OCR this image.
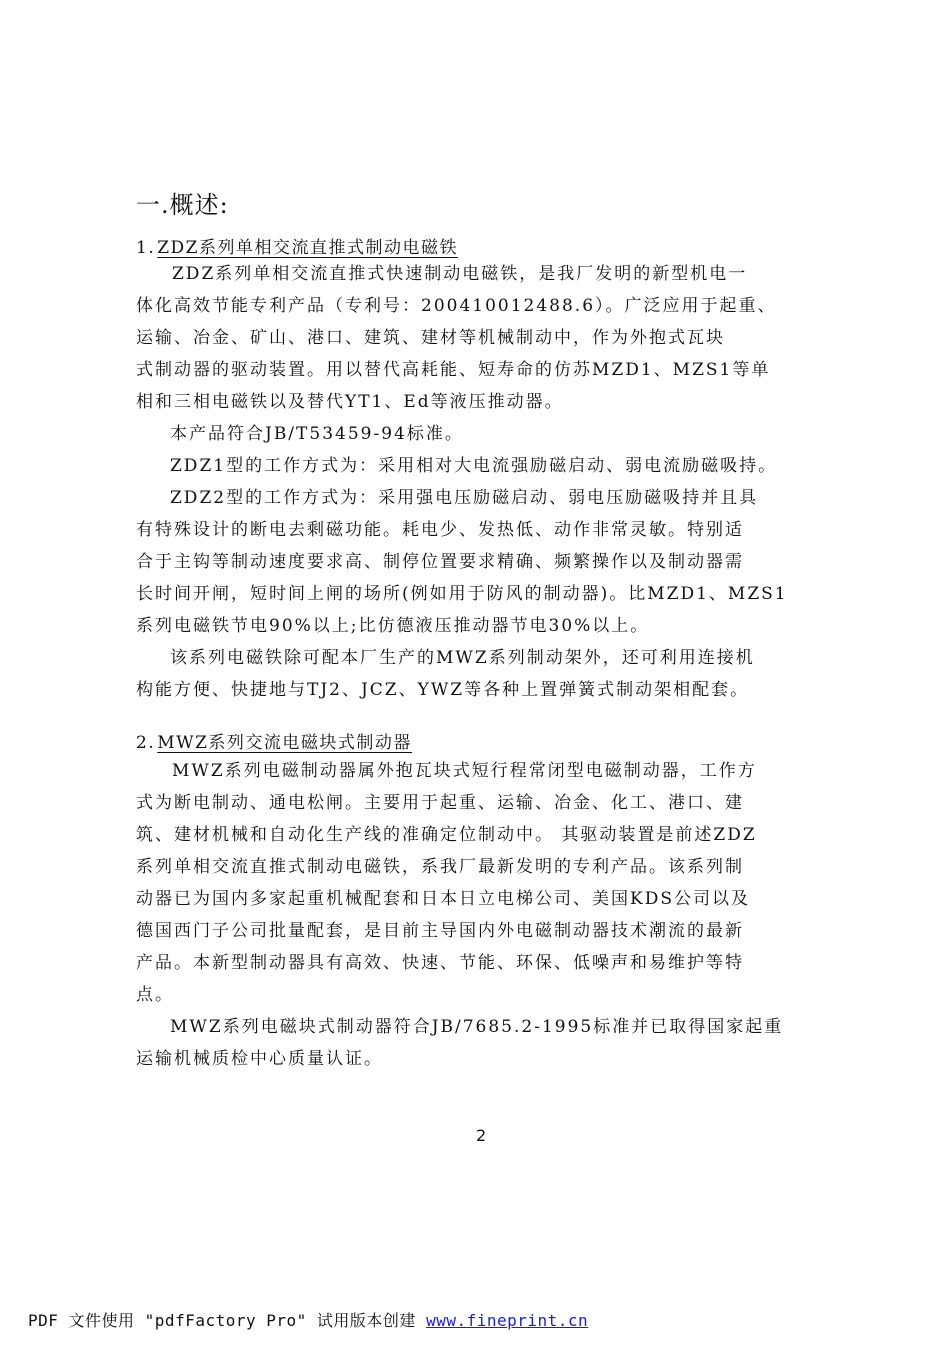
一.概述:
1. ZDZ系列单相交流直推式制动电磁铁
ZDZ系列单相交流直推式快速制动电磁铁，是我厂发明的新型机电一
体化高效节能专利产品（专利号：200410012488.6）。广泛应用于起重、
运输、冶金、矿山、港口、建筑、建材等机械制动中，作为外抱式瓦块
式制动器的驱动装置。用以替代高耗能、短寿命的仿苏MZD1、MZS1等单
相和三相电磁铁以及替代YT1、Ed等液压推动器。
本产品符合JB/T53459-94标准。
ZDZ1型的工作方式为：采用相对大电流强励磁启动、弱电流励磁吸持。
ZDZ2型的工作方式为：采用强电压励磁启动、弱电压励磁吸持并且具
有特殊设计的断电去剩磁功能。耗电少、发热低、动作非常灵敏。特别适
合于主钩等制动速度要求高、制停位置要求精确、频繁操作以及制动器需
长时间开闸，短时间上闸的场所(例如用于防风的制动器)。比MZD1、MZS1
系列电磁铁节电90%以上;比仿德液压推动器节电30%以上。
该系列电磁铁除可配本厂生产的MWZ系列制动架外，还可利用连接机
构能方便、快捷地与TJ2、JCZ、YWZ等各种上置弹簧式制动架相配套。
2. MWZ系列交流电磁块式制动器
MWZ系列电磁制动器属外抱瓦块式短行程常闭型电磁制动器，工作方
式为断电制动、通电松闸。主要用于起重、运输、冶金、化工、港口、建
筑、建材机械和自动化生产线的准确定位制动中。 其驱动装置是前述ZDZ
系列单相交流直推式制动电磁铁，系我厂最新发明的专利产品。该系列制
动器已为国内多家起重机械配套和日本日立电梯公司、美国KDS公司以及
德国西门子公司批量配套，是目前主导国内外电磁制动器技术潮流的最新
产品。本新型制动器具有高效、快速、节能、环保、低噪声和易维护等特
点。
MWZ系列电磁块式制动器符合JB/7685.2-1995标准并已取得国家起重
运输机械质检中心质量认证。
2
PDF 文件使用 "pdfFactory Pro" 试用版本创建 www.fineprint.cn
